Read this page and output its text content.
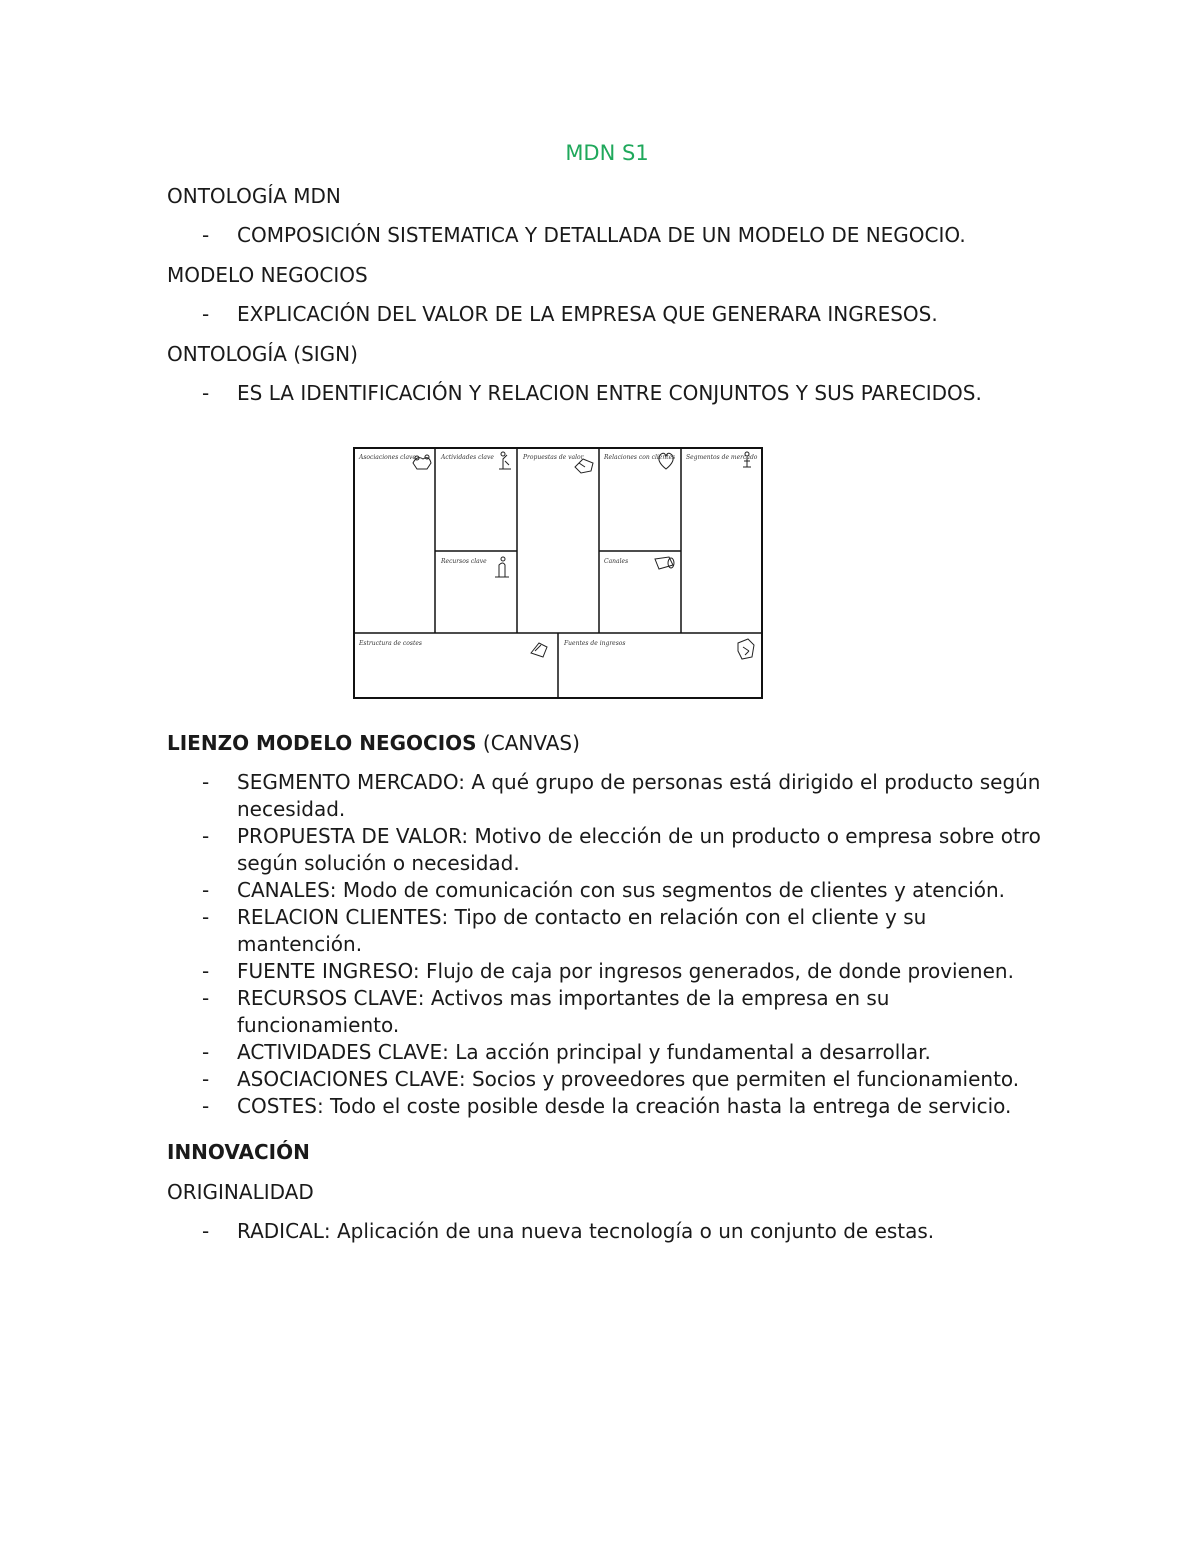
MDN S1
ONTOLOGÍA MDN
- COMPOSICIÓN SISTEMATICA Y DETALLADA DE UN MODELO DE NEGOCIO.
MODELO NEGOCIOS
- EXPLICACIÓN DEL VALOR DE LA EMPRESA QUE GENERARA INGRESOS.
ONTOLOGÍA (SIGN)
- ES LA IDENTIFICACIÓN Y RELACION ENTRE CONJUNTOS Y SUS PARECIDOS.
Asociaciones clave	Actividades clave
Recursos clave
Propuestas de valor	Relaciones con clientes
Canales
Segmentos de mercado
Estructura de costes	Fuentes de ingresos
LIENZO MODELO NEGOCIOS (CANVAS)
- SEGMENTO MERCADO: A qué grupo de personas está dirigido el producto según necesidad.
- PROPUESTA DE VALOR: Motivo de elección de un producto o empresa sobre otro según solución o necesidad.
- CANALES: Modo de comunicación con sus segmentos de clientes y atención.
- RELACION CLIENTES: Tipo de contacto en relación con el cliente y su mantención.
- FUENTE INGRESO: Flujo de caja por ingresos generados, de donde provienen.
- RECURSOS CLAVE: Activos mas importantes de la empresa en su funcionamiento.
- ACTIVIDADES CLAVE: La acción principal y fundamental a desarrollar.
- ASOCIACIONES CLAVE: Socios y proveedores que permiten el funcionamiento.
- COSTES: Todo el coste posible desde la creación hasta la entrega de servicio.
INNOVACIÓN
ORIGINALIDAD
- RADICAL: Aplicación de una nueva tecnología o un conjunto de estas.
